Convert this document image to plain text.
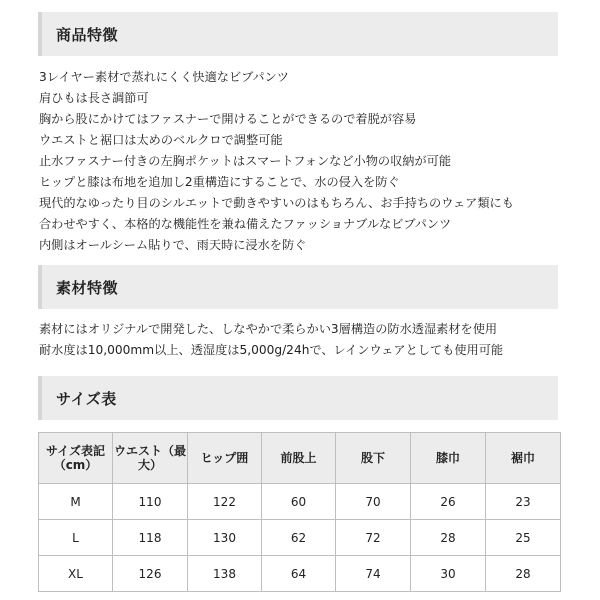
商品特徴
3レイヤー素材で蒸れにくく快適なビブパンツ
肩ひもは長さ調節可
胸から股にかけてはファスナーで開けることができるので着脱が容易
ウエストと裾口は太めのベルクロで調整可能
止水ファスナー付きの左胸ポケットはスマートフォンなど小物の収納が可能
ヒップと膝は布地を追加し2重構造にすることで、水の侵入を防ぐ
現代的なゆったり目のシルエットで動きやすいのはもちろん、お手持ちのウェア類にも
合わせやすく、本格的な機能性を兼ね備えたファッショナブルなビブパンツ
内側はオールシーム貼りで、雨天時に浸水を防ぐ
素材特徴
素材にはオリジナルで開発した、しなやかで柔らかい3層構造の防水透湿素材を使用
耐水度は10,000mm以上、透湿度は5,000g/24hで、レインウェアとしても使用可能
サイズ表
サイズ表記（cm）	ウエスト（最大）	ヒップ囲	前股上	股下	膝巾	裾巾
M	110	122	60	70	26	23
L	118	130	62	72	28	25
XL	126	138	64	74	30	28
